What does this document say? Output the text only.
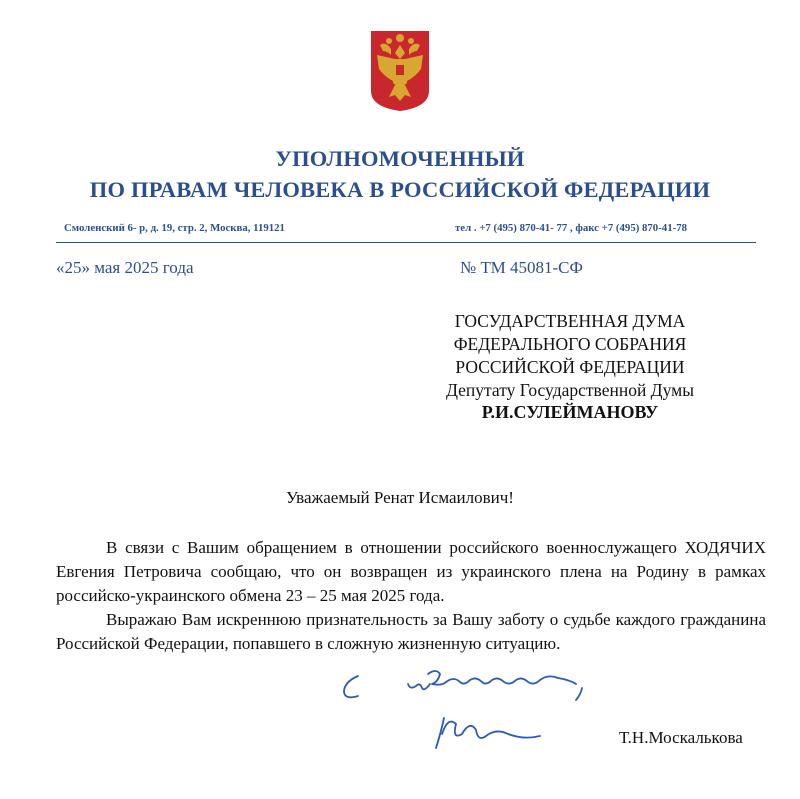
УПОЛНОМОЧЕННЫЙ
ПО ПРАВАМ ЧЕЛОВЕКА В РОССИЙСКОЙ ФЕДЕРАЦИИ
Смоленский 6- р, д. 19, стр. 2, Москва, 119121	тел . +7 (495) 870-41- 77 , факс +7 (495) 870-41-78
«25» мая 2025 года	№ ТМ 45081-СФ
ГОСУДАРСТВЕННАЯ ДУМА
ФЕДЕРАЛЬНОГО СОБРАНИЯ
РОССИЙСКОЙ ФЕДЕРАЦИИ
Депутату Государственной Думы
Р.И.СУЛЕЙМАНОВУ
Уважаемый Ренат Исмаилович!

В связи с Вашим обращением в отношении российского военнослужащего ХОДЯЧИХ Евгения Петровича сообщаю, что он возвращен из украинского плена на Родину в рамках российско-украинского обмена 23 – 25 мая 2025 года.

Выражаю Вам искреннюю признательность за Вашу заботу о судьбе каждого гражданина Российской Федерации, попавшего в сложную жизненную ситуацию.

Т.Н.Москалькова
